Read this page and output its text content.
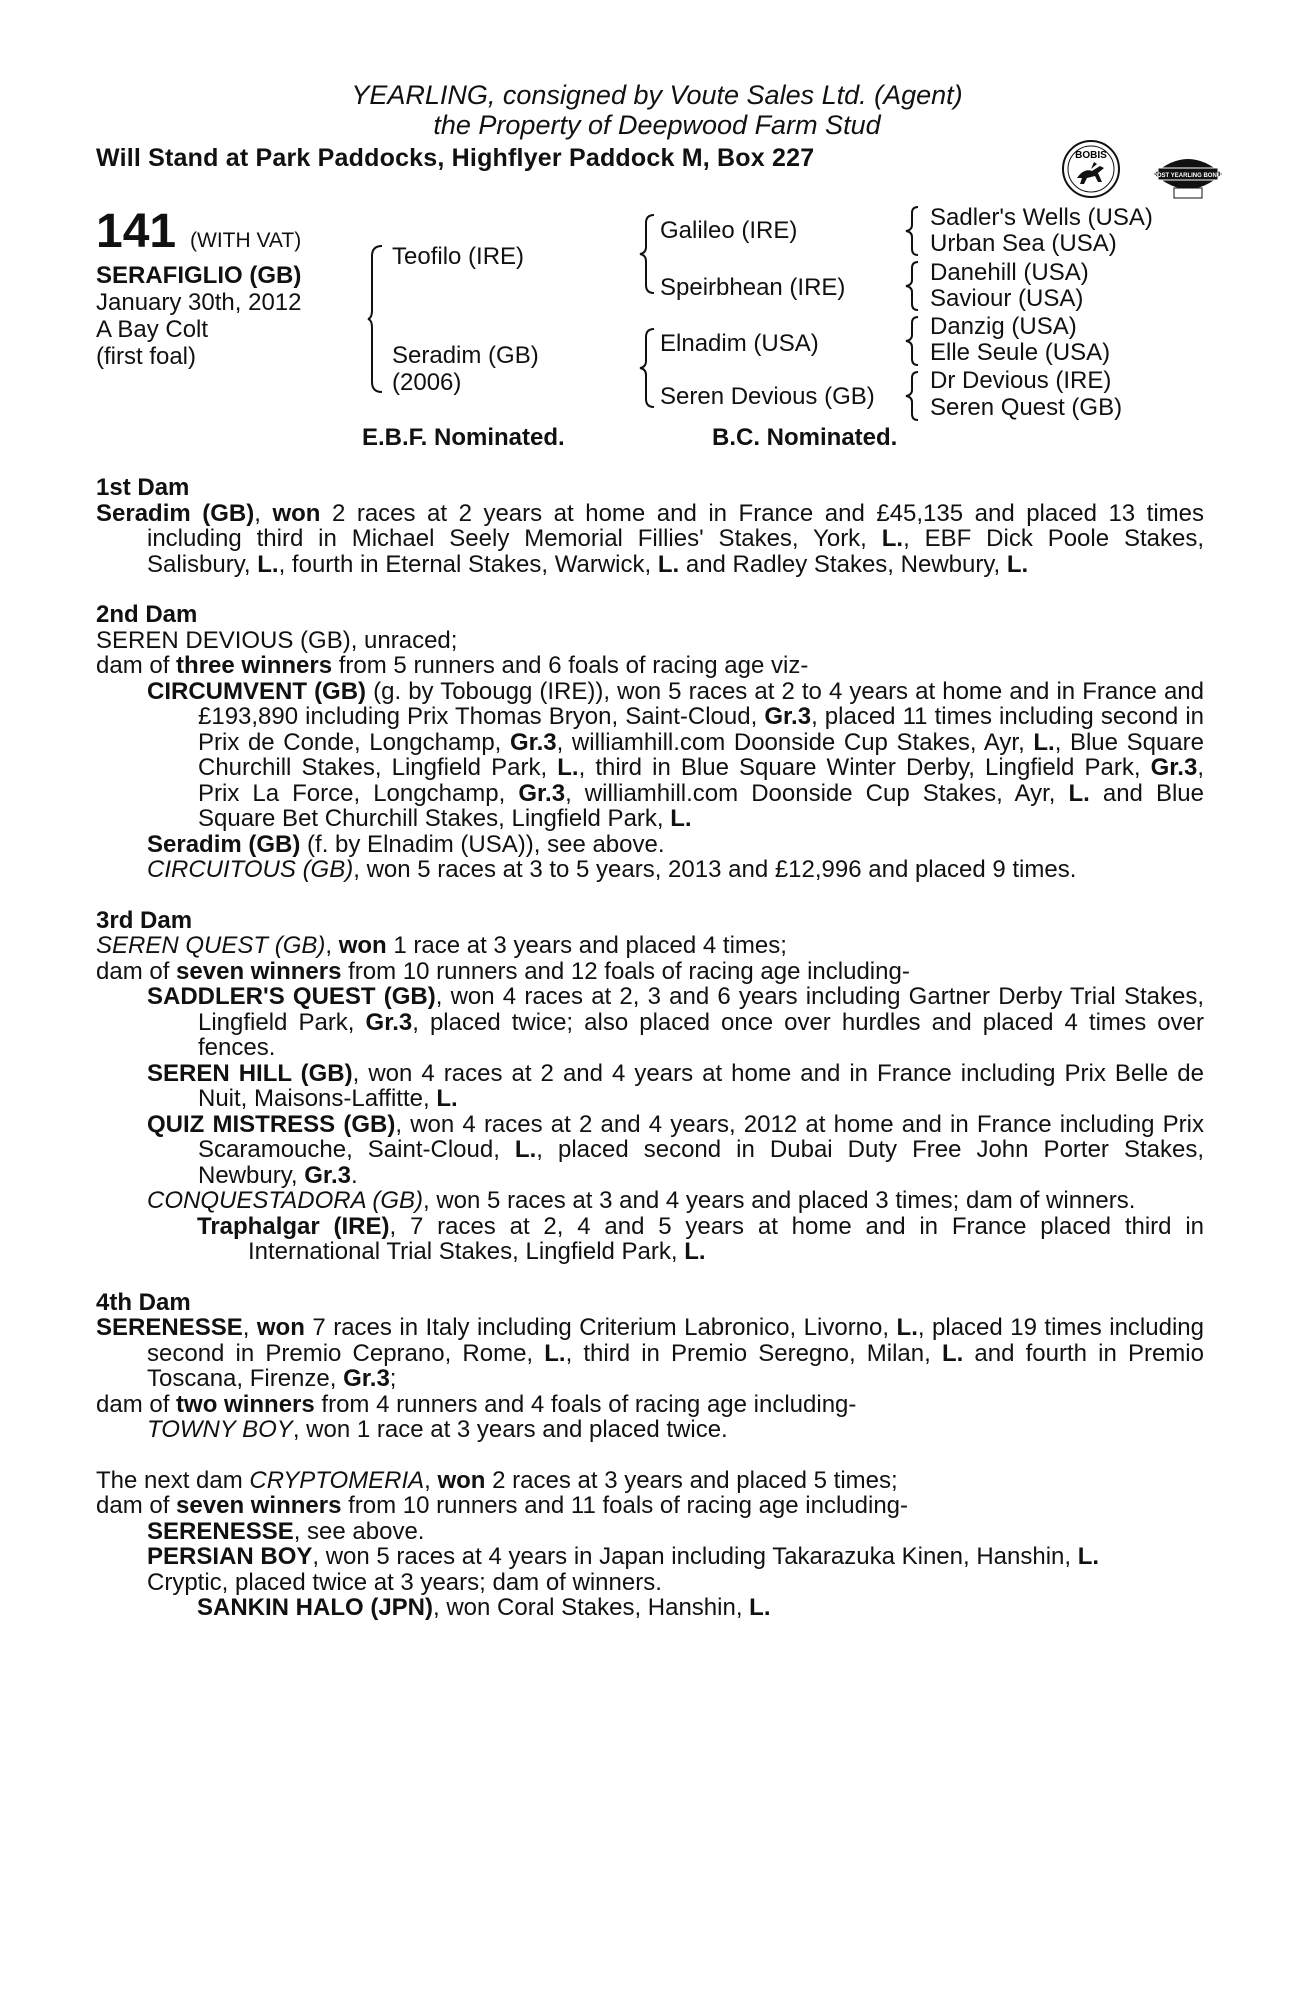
YEARLING, consigned by Voute Sales Ltd. (Agent)
the Property of Deepwood Farm Stud
Will Stand at Park Paddocks, Highflyer Paddock M, Box 227	BOBIS
RACING POST YEARLING BONUS £10,000
141 (WITH VAT)
SERAFIGLIO (GB)
January 30th, 2012
A Bay Colt
(first foal)
Teofilo (IRE)
Seradim (GB)
(2006)
Galileo (IRE)
Speirbhean (IRE)
Elnadim (USA)
Seren Devious (GB)
Sadler's Wells (USA)
Urban Sea (USA)
Danehill (USA)
Saviour (USA)
Danzig (USA)
Elle Seule (USA)
Dr Devious (IRE)
Seren Quest (GB)
E.B.F. Nominated.	B.C. Nominated.

1st Dam

Seradim (GB), won 2 races at 2 years at home and in France and £45,135 and placed 13 times including third in Michael Seely Memorial Fillies' Stakes, York, L., EBF Dick Poole Stakes, Salisbury, L., fourth in Eternal Stakes, Warwick, L. and Radley Stakes, Newbury, L.

2nd Dam

SEREN DEVIOUS (GB), unraced;

dam of three winners from 5 runners and 6 foals of racing age viz-

CIRCUMVENT (GB) (g. by Tobougg (IRE)), won 5 races at 2 to 4 years at home and in France and £193,890 including Prix Thomas Bryon, Saint-Cloud, Gr.3, placed 11 times including second in Prix de Conde, Longchamp, Gr.3, williamhill.com Doonside Cup Stakes, Ayr, L., Blue Square Churchill Stakes, Lingfield Park, L., third in Blue Square Winter Derby, Lingfield Park, Gr.3, Prix La Force, Longchamp, Gr.3, williamhill.com Doonside Cup Stakes, Ayr, L. and Blue Square Bet Churchill Stakes, Lingfield Park, L.

Seradim (GB) (f. by Elnadim (USA)), see above.

CIRCUITOUS (GB), won 5 races at 3 to 5 years, 2013 and £12,996 and placed 9 times.

3rd Dam

SEREN QUEST (GB), won 1 race at 3 years and placed 4 times;

dam of seven winners from 10 runners and 12 foals of racing age including-

SADDLER'S QUEST (GB), won 4 races at 2, 3 and 6 years including Gartner Derby Trial Stakes, Lingfield Park, Gr.3, placed twice; also placed once over hurdles and placed 4 times over fences.

SEREN HILL (GB), won 4 races at 2 and 4 years at home and in France including Prix Belle de Nuit, Maisons-Laffitte, L.

QUIZ MISTRESS (GB), won 4 races at 2 and 4 years, 2012 at home and in France including Prix Scaramouche, Saint-Cloud, L., placed second in Dubai Duty Free John Porter Stakes, Newbury, Gr.3.

CONQUESTADORA (GB), won 5 races at 3 and 4 years and placed 3 times; dam of winners.

Traphalgar (IRE), 7 races at 2, 4 and 5 years at home and in France placed third in International Trial Stakes, Lingfield Park, L.

4th Dam

SERENESSE, won 7 races in Italy including Criterium Labronico, Livorno, L., placed 19 times including second in Premio Ceprano, Rome, L., third in Premio Seregno, Milan, L. and fourth in Premio Toscana, Firenze, Gr.3;

dam of two winners from 4 runners and 4 foals of racing age including-

TOWNY BOY, won 1 race at 3 years and placed twice.

The next dam CRYPTOMERIA, won 2 races at 3 years and placed 5 times;

dam of seven winners from 10 runners and 11 foals of racing age including-

SERENESSE, see above.

PERSIAN BOY, won 5 races at 4 years in Japan including Takarazuka Kinen, Hanshin, L.

Cryptic, placed twice at 3 years; dam of winners.

SANKIN HALO (JPN), won Coral Stakes, Hanshin, L.
